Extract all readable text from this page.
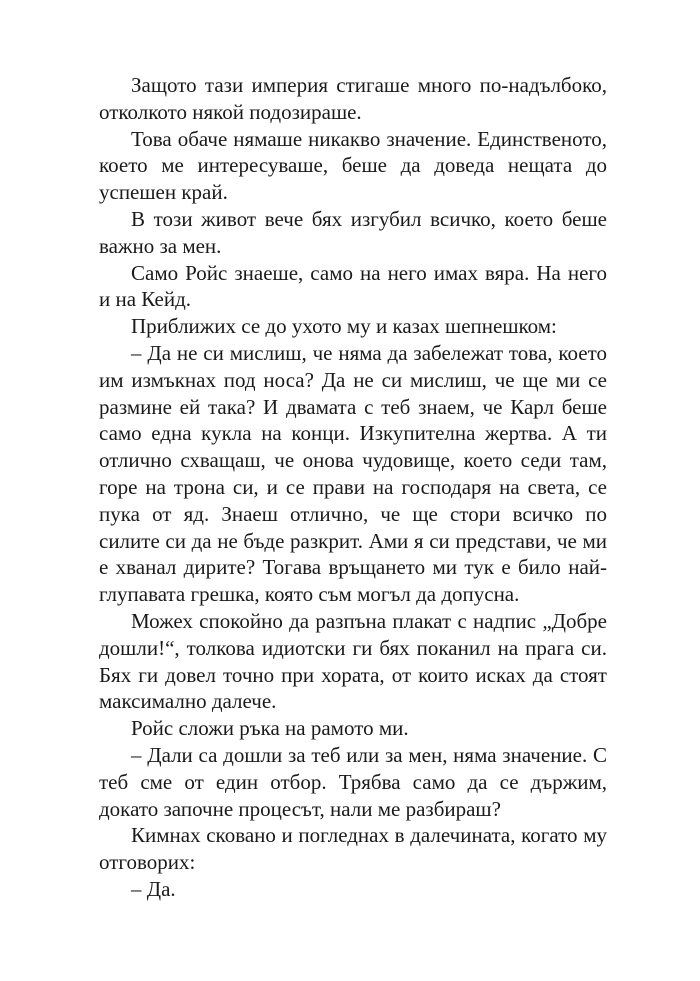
Защото тази империя стигаше много по-надълбоко, отколкото някой подозираше.

Това обаче нямаше никакво значение. Единственото, което ме интересуваше, беше да доведа нещата до успешен край.

В този живот вече бях изгубил всичко, което беше важно за мен.

Само Ройс знаеше, само на него имах вяра. На него и на Кейд.

Приближих се до ухото му и казах шепнешком:

– Да не си мислиш, че няма да забележат това, което им измъкнах под носа? Да не си мислиш, че ще ми се размине ей така? И двамата с теб знаем, че Карл беше само една кукла на конци. Изкупителна жертва. А ти отлично схващаш, че онова чудовище, което седи там, горе на трона си, и се прави на господаря на света, се пука от яд. Знаеш отлично, че ще стори всичко по силите си да не бъде разкрит. Ами я си представи, че ми е хванал дирите? Тогава връщането ми тук е било най-глупавата грешка, която съм могъл да допусна.

Можех спокойно да разпъна плакат с надпис „Добре дошли!“, толкова идиотски ги бях поканил на прага си. Бях ги довел точно при хората, от които исках да стоят максимално далече.

Ройс сложи ръка на рамото ми.

– Дали са дошли за теб или за мен, няма значение. С теб сме от един отбор. Трябва само да се държим, докато започне процесът, нали ме разбираш?

Кимнах сковано и погледнах в далечината, когато му отговорих:

– Да.
